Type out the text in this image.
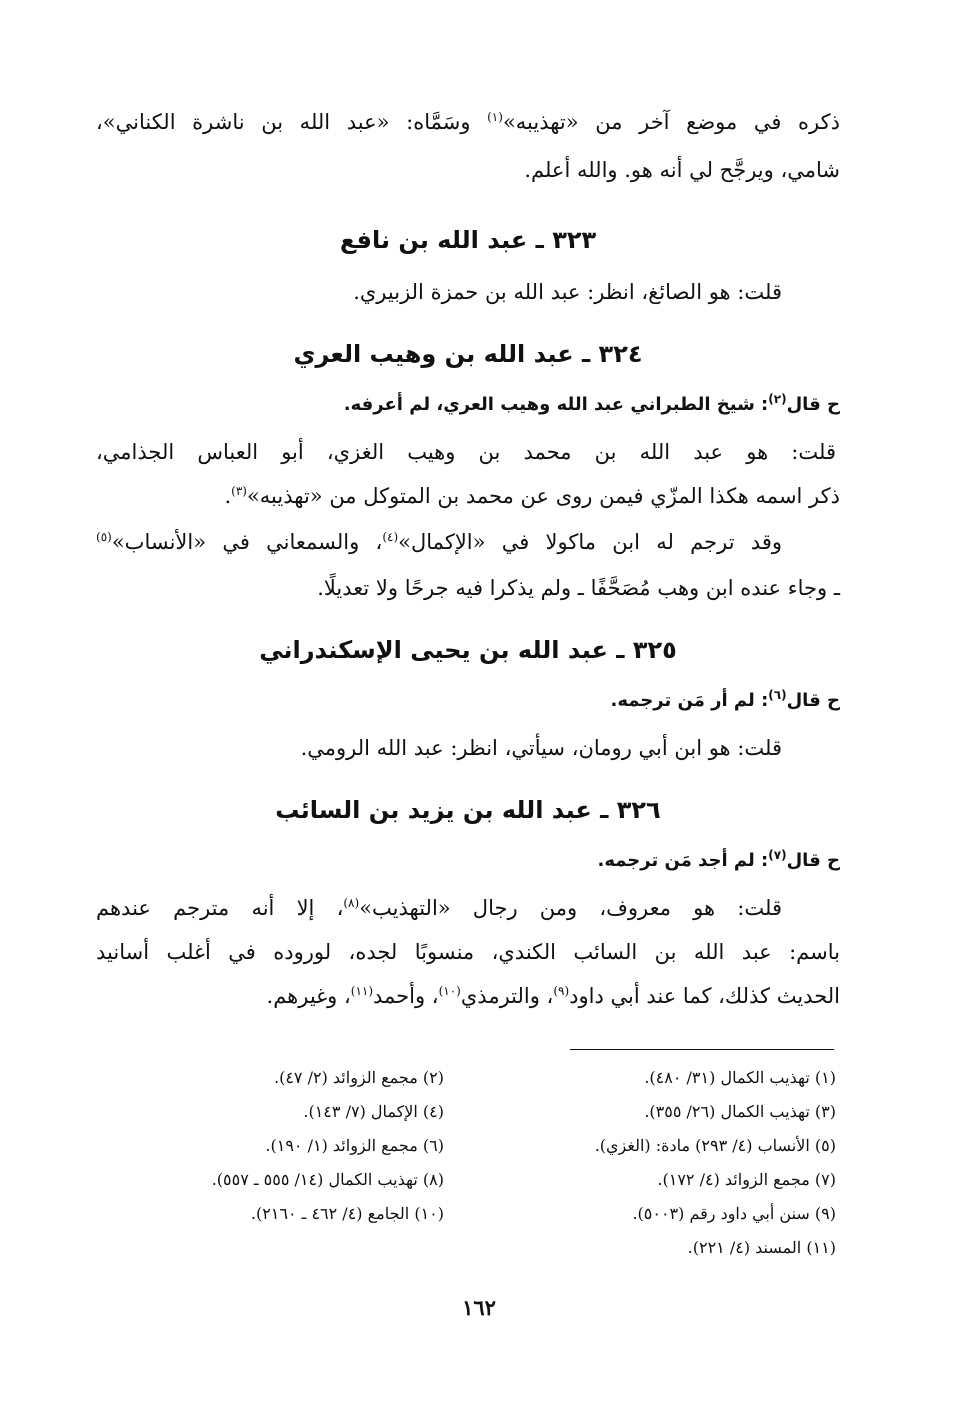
ذكره في موضع آخر من «تهذيبه»$^{(١)}$ وسَمَّاه: «عبد الله بن ناشرة الكناني»،
شامي، ويرجَّح لي أنه هو. والله أعلم.
٣٢٣ ـ عبد الله بن نافع
قلت: هو الصائغ، انظر: عبد الله بن حمزة الزبيري.
٣٢٤ ـ عبد الله بن وهيب العري
ح قال$^{(٢)}$: شيخ الطبراني عبد الله وهيب العري، لم أعرفه.
قلت: هو عبد الله بن محمد بن وهيب الغزي، أبو العباس الجذامي،
ذكر اسمه هكذا المزّي فيمن روى عن محمد بن المتوكل من «تهذيبه»$^{(٣)}$.
وقد ترجم له ابن ماكولا في «الإكمال»$^{(٤)}$، والسمعاني في «الأنساب»$^{(٥)}$
ـ وجاء عنده ابن وهب مُصَحَّفًا ـ ولم يذكرا فيه جرحًا ولا تعديلًا.
٣٢٥ ـ عبد الله بن يحيى الإسكندراني
ح قال$^{(٦)}$: لم أر مَن ترجمه.
قلت: هو ابن أبي رومان، سيأتي، انظر: عبد الله الرومي.
٣٢٦ ـ عبد الله بن يزيد بن السائب
ح قال$^{(٧)}$: لم أجد مَن ترجمه.
قلت: هو معروف، ومن رجال «التهذيب»$^{(٨)}$، إلا أنه مترجم عندهم
باسم: عبد الله بن السائب الكندي، منسوبًا لجده، لوروده في أغلب أسانيد
الحديث كذلك، كما عند أبي داود$^{(٩)}$، والترمذي$^{(١٠)}$، وأحمد$^{(١١)}$، وغيرهم.
(١) تهذيب الكمال (٣١/ ٤٨٠).
(٣) تهذيب الكمال (٢٦/ ٣٥٥).
(٥) الأنساب (٤/ ٢٩٣) مادة: (الغزي).
(٧) مجمع الزوائد (٤/ ١٧٢).
(٩) سنن أبي داود رقم (٥٠٠٣).
(١١) المسند (٤/ ٢٢١).
(٢) مجمع الزوائد (٢/ ٤٧).
(٤) الإكمال (٧/ ١٤٣).
(٦) مجمع الزوائد (١/ ١٩٠).
(٨) تهذيب الكمال (١٤/ ٥٥٥ ـ ٥٥٧).
(١٠) الجامع (٤/ ٤٦٢ ـ ٢١٦٠).
١٦٢
